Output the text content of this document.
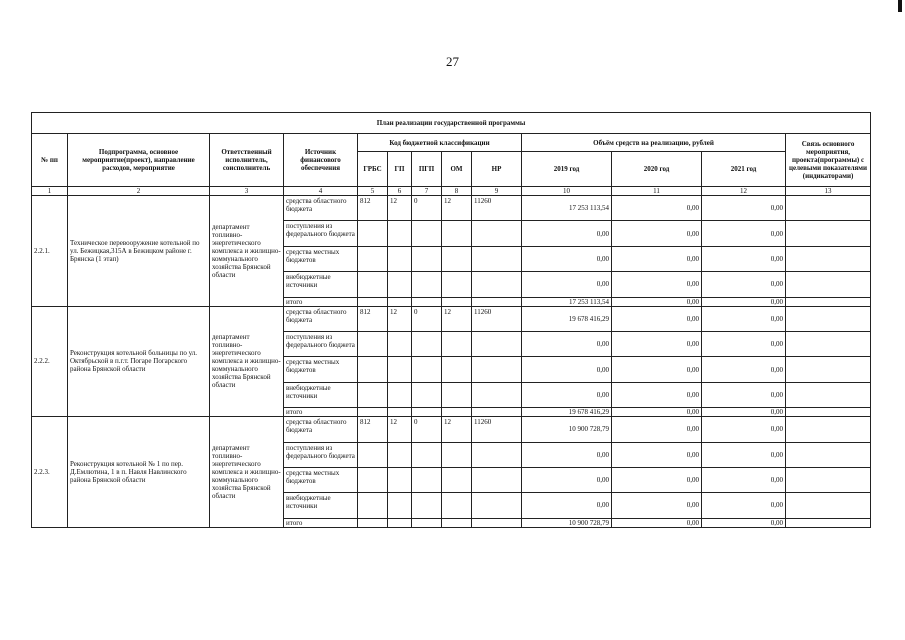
27
План реализации государственной программы												
№ пп	Подпрограмма, основное мероприятие(проект), направление расходов, мероприятие	Ответственный исполнитель, соисполнитель	Источник финансового обеспечения	Код бюджетной классификации					Объём средств на реализацию, рублей			Связь основного мероприятия, проекта(программы) с целевыми показателями (индикаторами)
				ГРБС	ГП	ПГП	ОМ	НР	2019 год	2020 год	2021 год	
1	2	3	4	5	6	7	8	9	10	11	12	13
2.2.1.	Техническое перевооружение котельной по ул. Бежицкая,315А в Бежицком районе г. Брянска (1 этап)	департамент топливно-энергетического комплекса и жилищно-коммунального хозяйства Брянской области	средства областного бюджета	812	12	0	12	11260	17 253 113,54	0,00	0,00	
			поступления из федерального бюджета						0,00	0,00	0,00	
			средства местных бюджетов						0,00	0,00	0,00	
			внебюджетные источники						0,00	0,00	0,00	
			итого						17 253 113,54	0,00	0,00	
2.2.2.	Реконструкция котельной больницы по ул. Октябрьской в п.г.т. Погаре Погарского района Брянской области	департамент топливно-энергетического комплекса и жилищно-коммунального хозяйства Брянской области	средства областного бюджета	812	12	0	12	11260	19 678 416,29	0,00	0,00	
			поступления из федерального бюджета						0,00	0,00	0,00	
			средства местных бюджетов						0,00	0,00	0,00	
			внебюджетные источники						0,00	0,00	0,00	
			итого						19 678 416,29	0,00	0,00	
2.2.3.	Реконструкция котельной № 1 по пер. Д.Емлютина, 1 в п. Навля Навлинского района Брянской области	департамент топливно-энергетического комплекса и жилищно-коммунального хозяйства Брянской области	средства областного бюджета	812	12	0	12	11260	10 900 728,79	0,00	0,00	
			поступления из федерального бюджета						0,00	0,00	0,00	
			средства местных бюджетов						0,00	0,00	0,00	
			внебюджетные источники						0,00	0,00	0,00	
			итого						10 900 728,79	0,00	0,00	
